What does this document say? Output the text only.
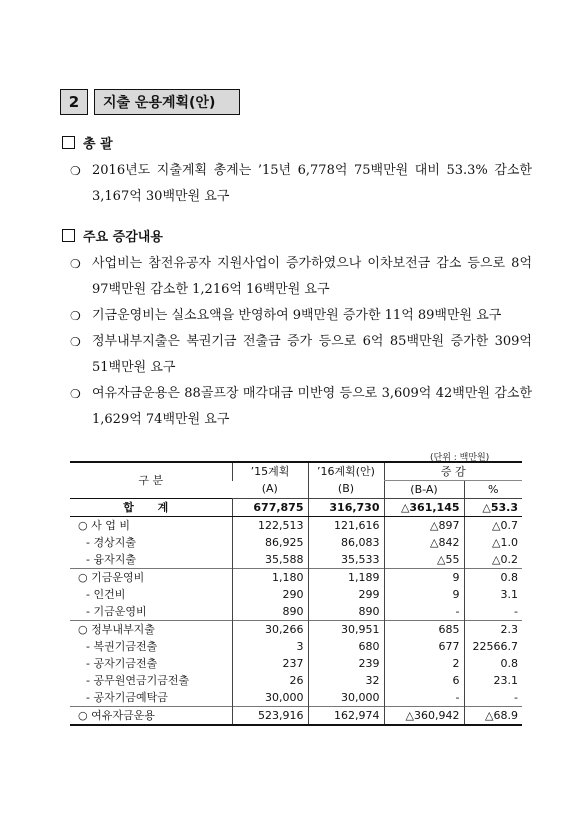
2	지출 운용계획(안)
총 괄
❍ 2016년도 지출계획 총계는 ’15년 6,778억 75백만원 대비 53.3% 감소한 3,167억 30백만원 요구
주요 증감내용
❍ 사업비는 참전유공자 지원사업이 증가하였으나 이차보전금 감소 등으로 8억 97백만원 감소한 1,216억 16백만원 요구
❍ 기금운영비는 실소요액을 반영하여 9백만원 증가한 11억 89백만원 요구
❍ 정부내부지출은 복권기금 전출금 증가 등으로 6억 85백만원 증가한 309억 51백만원 요구
❍ 여유자금운용은 88골프장 매각대금 미반영 등으로 3,609억 42백만원 감소한 1,629억 74백만원 요구
(단위 : 백만원)
구 분	’15계획	’16계획(안)	증 감	
	(A)	(B)	(B-A)	%
합 계	677,875	316,730	△361,145	△53.3
○ 사 업 비	122,513	121,616	△897	△0.7
- 경상지출	86,925	86,083	△842	△1.0
- 융자지출	35,588	35,533	△55	△0.2
○ 기금운영비	1,180	1,189	9	0.8
- 인건비	290	299	9	3.1
- 기금운영비	890	890	-	-
○ 정부내부지출	30,266	30,951	685	2.3
- 복권기금전출	3	680	677	22566.7
- 공자기금전출	237	239	2	0.8
- 공무원연금기금전출	26	32	6	23.1
- 공자기금예탁금	30,000	30,000	-	-
○ 여유자금운용	523,916	162,974	△360,942	△68.9
